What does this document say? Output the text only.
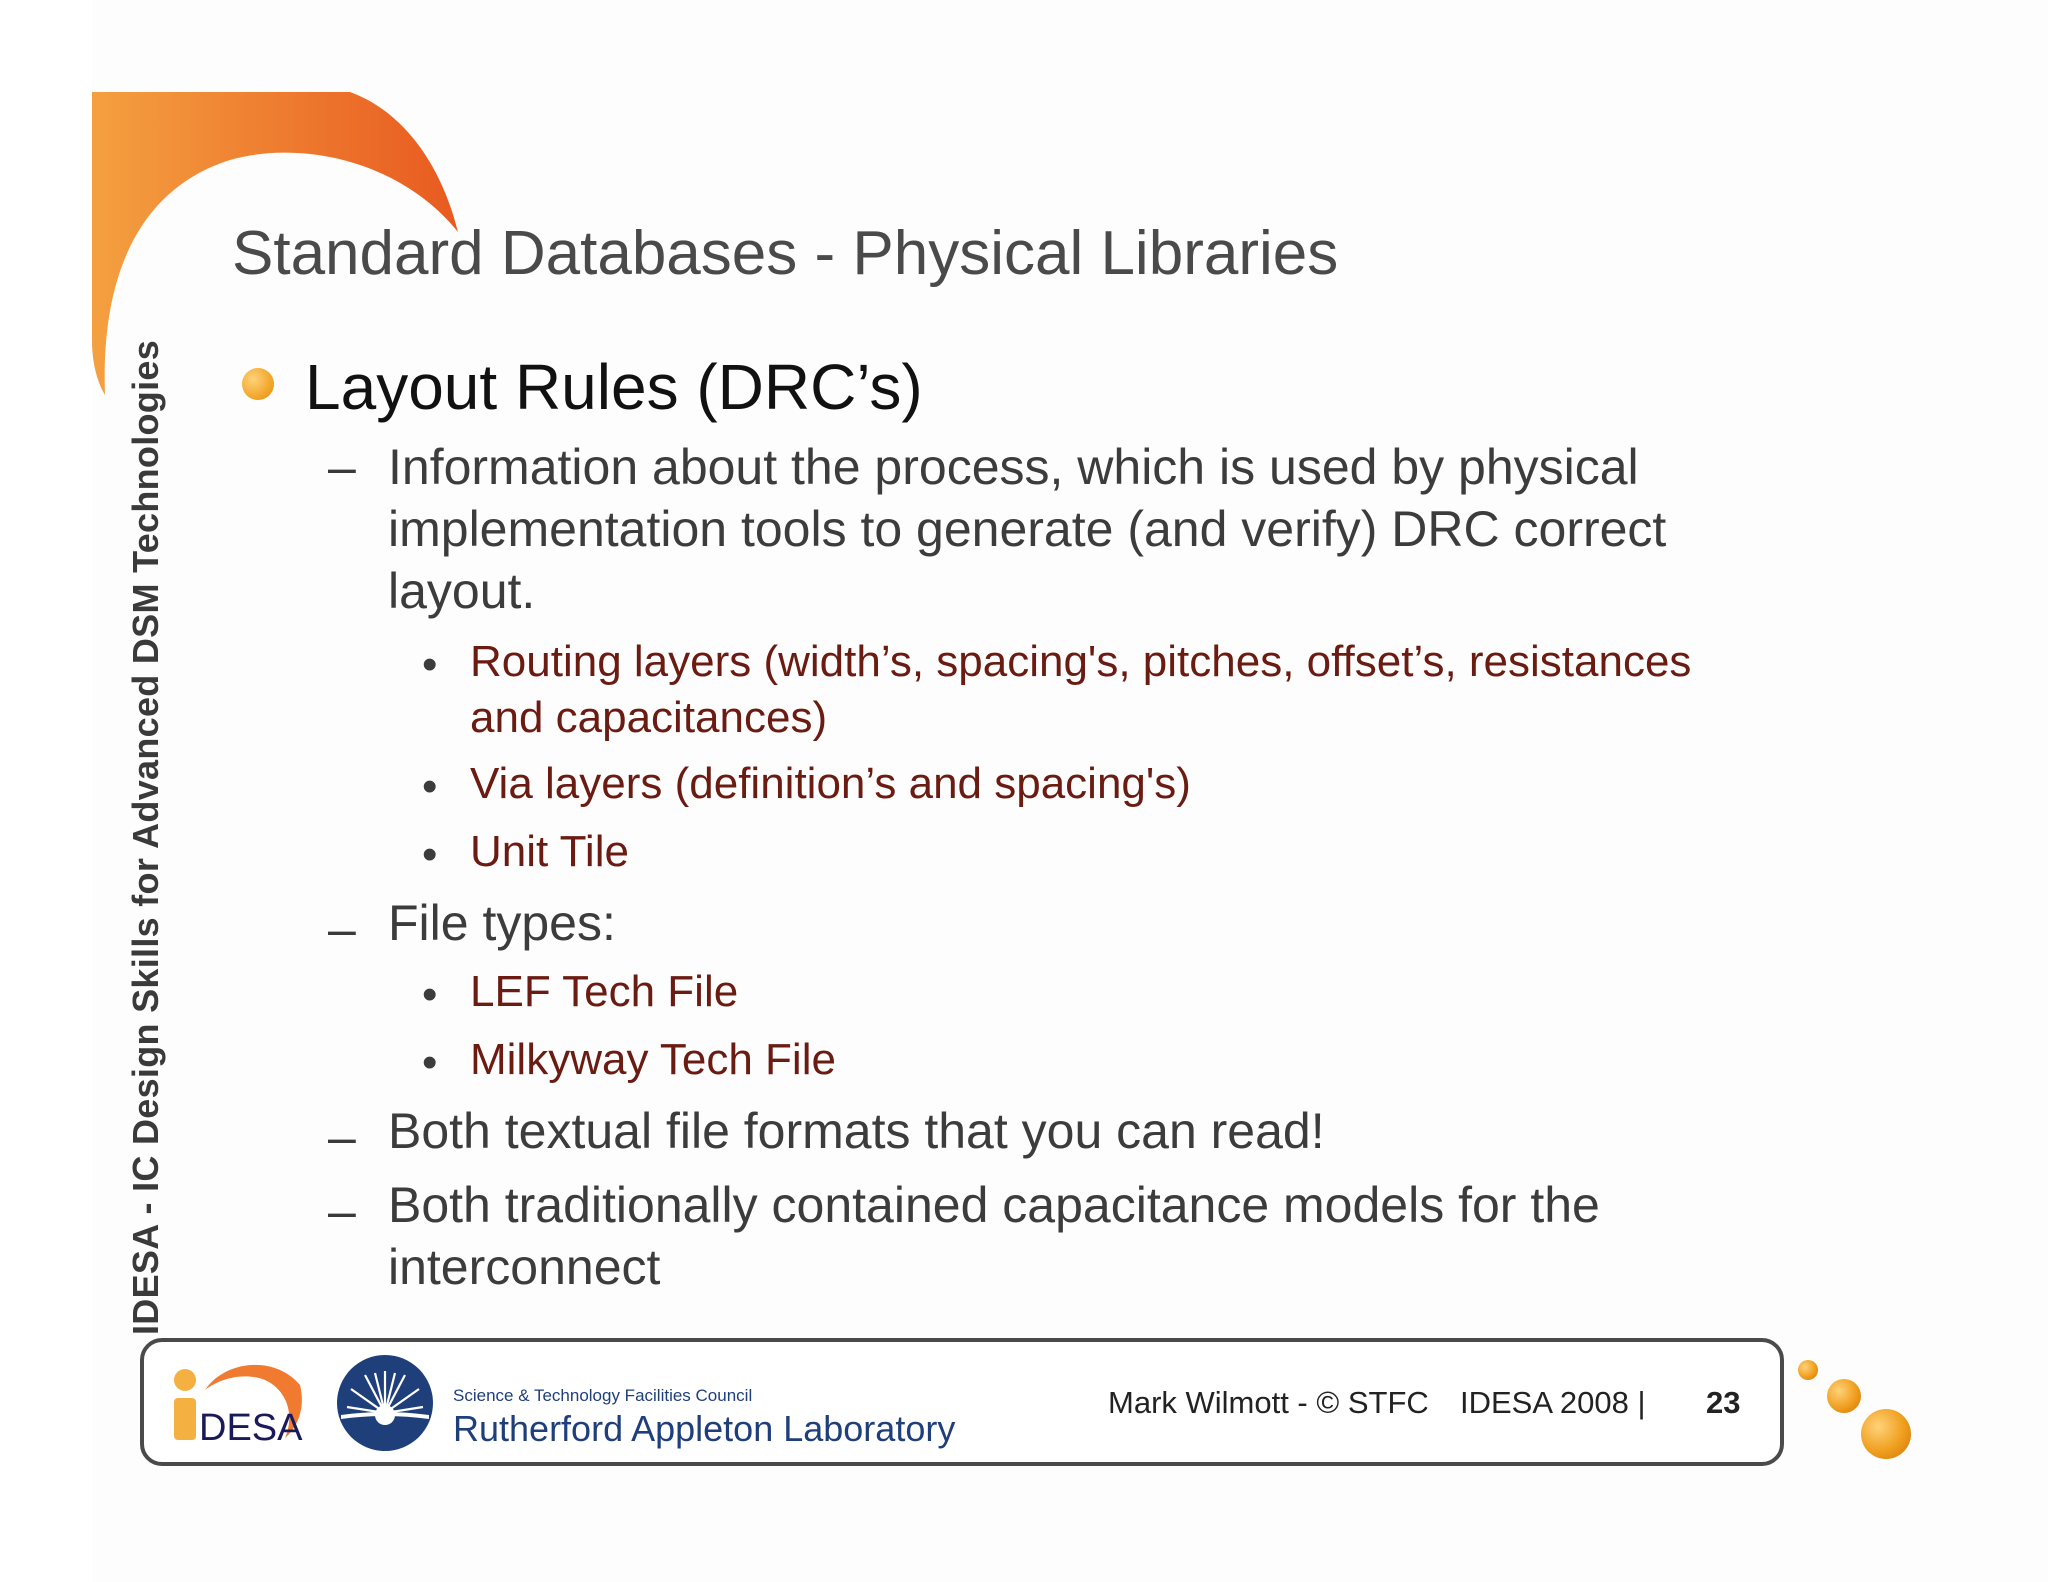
IDESA - IC Design Skills for Advanced DSM Technologies
Standard Databases - Physical Libraries
Layout Rules (DRC’s)
– Information about the process, which is used by physical implementation tools to generate (and verify) DRC correct layout.
• Routing layers (width’s, spacing's, pitches, offset’s, resistances and capacitances)
• Via layers (definition’s and spacing's)
• Unit Tile
– File types:
• LEF Tech File
• Milkyway Tech File
– Both textual file formats that you can read!
– Both traditionally contained capacitance models for the interconnect
DESA
Science & Technology Facilities Council
Rutherford Appleton Laboratory
Mark Wilmott - © STFC IDESA 2008 | 23
